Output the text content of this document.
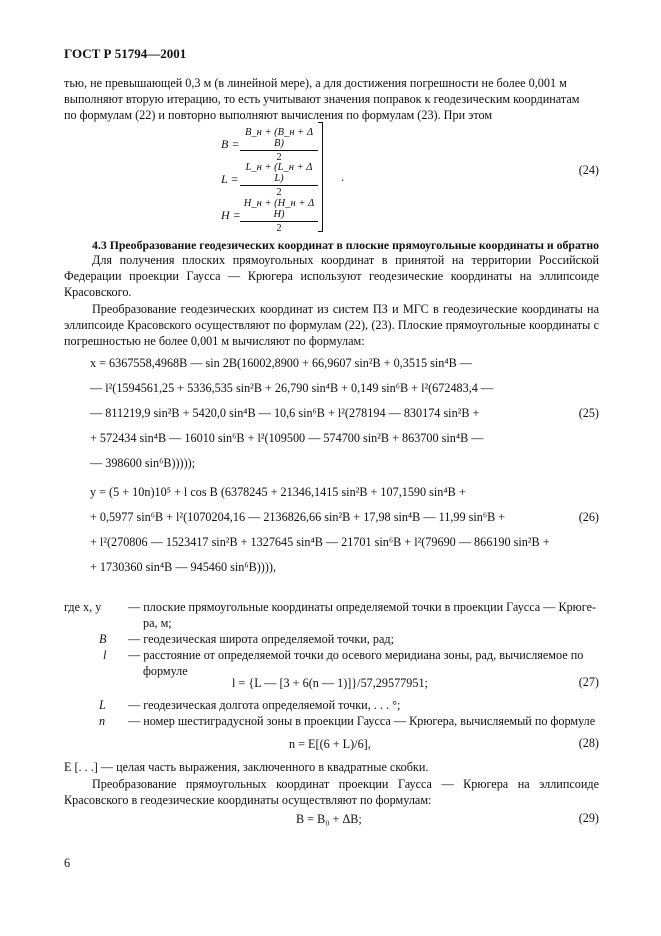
ГОСТ Р 51794—2001
тью, не превышающей 0,3 м (в линейной мере), а для достижения погрешности не более 0,001 м
выполняют вторую итерацию, то есть учитывают значения поправок к геодезическим координатам
по формулам (22) и повторно выполняют вычисления по формулам (23). При этом
B =
B_н + (B_н + Δ B)
2
L =
L_н + (L_н + Δ L)
2
H =
H_н + (H_н + Δ H)
2
.	(24)
4.3 Преобразование геодезических координат в плоские прямоугольные координаты и обратно
Для получения плоских прямоугольных координат в принятой на территории Российской Федерации проекции Гаусса — Крюгера используют геодезические координаты на эллипсоиде Красовского.
Преобразование геодезических координат из систем ПЗ и МГС в геодезические координаты на эллипсоиде Красовского осуществляют по формулам (22), (23). Плоские прямоугольные координаты с погрешностью не более 0,001 м вычисляют по формулам:
x = 6367558,4968B — sin 2B(16002,8900 + 66,9607 sin²B + 0,3515 sin⁴B —
— l²(1594561,25 + 5336,535 sin²B + 26,790 sin⁴B + 0,149 sin⁶B + l²(672483,4 —
— 811219,9 sin²B + 5420,0 sin⁴B — 10,6 sin⁶B + l²(278194 — 830174 sin²B +
+ 572434 sin⁴B — 16010 sin⁶B + l²(109500 — 574700 sin²B + 863700 sin⁴B —
— 398600 sin⁶B)))));
(25)
y = (5 + 10n)10⁵ + l cos B (6378245 + 21346,1415 sin²B + 107,1590 sin⁴B +
+ 0,5977 sin⁶B + l²(1070204,16 — 2136826,66 sin²B + 17,98 sin⁴B — 11,99 sin⁶B +
+ l²(270806 — 1523417 sin²B + 1327645 sin⁴B — 21701 sin⁶B + l²(79690 — 866190 sin²B +
+ 1730360 sin⁴B — 945460 sin⁶B)))),
(26)
где x, y — плоские прямоугольные координаты определяемой точки в проекции Гаусса — Крюге-
ра, м;
B — геодезическая широта определяемой точки, рад;
l — расстояние от определяемой точки до осевого меридиана зоны, рад, вычисляемое по
формуле
l = {L — [3 + 6(n — 1)]}/57,29577951;	(27)
L — геодезическая долгота определяемой точки, . . . °;
n — номер шестиградусной зоны в проекции Гаусса — Крюгера, вычисляемый по формуле
n = E[(6 + L)/6],	(28)
E [. . .] — целая часть выражения, заключенного в квадратные скобки.
Преобразование прямоугольных координат проекции Гаусса — Крюгера на эллипсоиде Красовского в геодезические координаты осуществляют по формулам:
B = B₀ + ΔB;	(29)
6
